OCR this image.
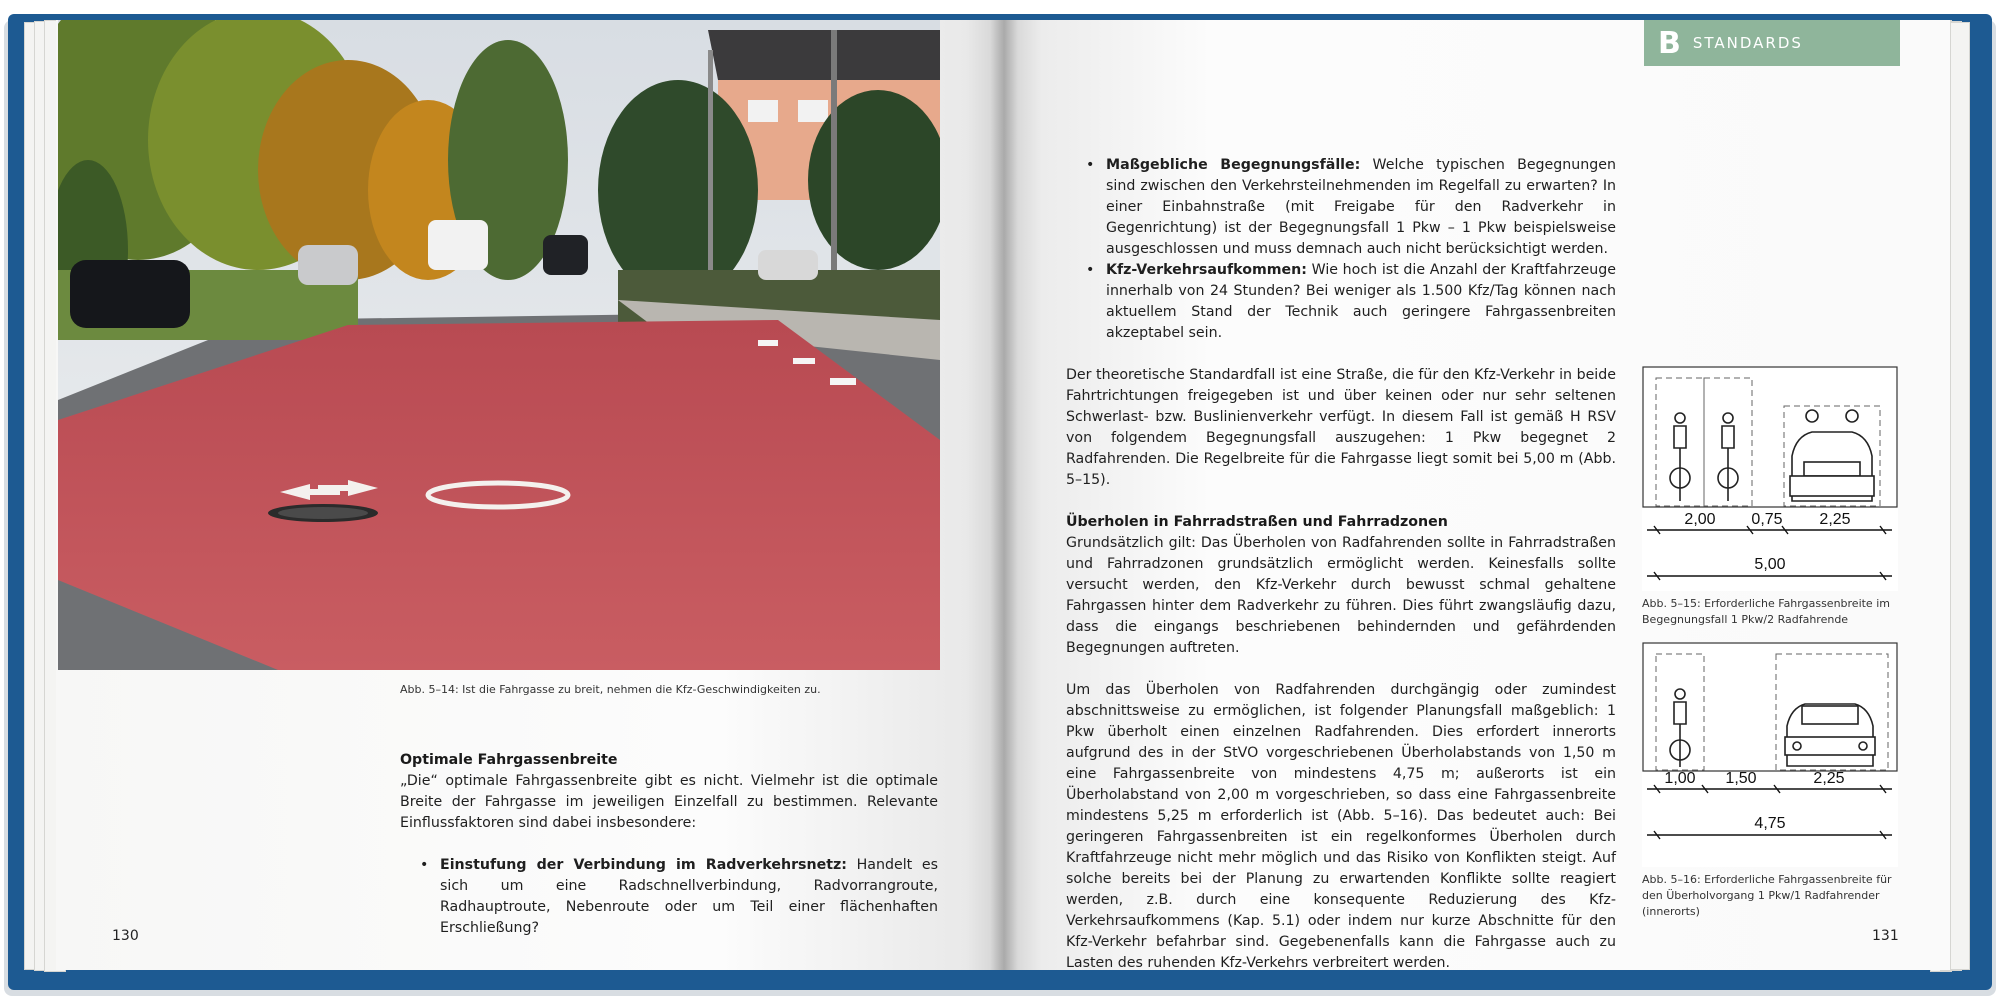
Abb. 5–14: Ist die Fahrgasse zu breit, nehmen die Kfz-Geschwindigkeiten zu.
Optimale Fahrgassenbreite
„Die“ optimale Fahrgassenbreite gibt es nicht. Vielmehr ist die optimale Breite der Fahrgasse im jeweiligen Einzelfall zu bestimmen. Relevante Einflussfaktoren sind dabei insbesondere:
• Einstufung der Verbindung im Radverkehrsnetz: Handelt es sich um eine Radschnellverbindung, Radvorrangroute, Radhauptroute, Nebenroute oder um Teil einer flächenhaften Erschließung?
130
B STANDARDS
• Maßgebliche Begegnungsfälle: Welche typischen Begegnungen sind zwischen den Verkehrsteilnehmenden im Regelfall zu erwarten? In einer Einbahnstraße (mit Freigabe für den Radverkehr in Gegenrichtung) ist der Begegnungsfall 1 Pkw – 1 Pkw beispielsweise ausgeschlossen und muss demnach auch nicht berücksichtigt werden.
• Kfz-Verkehrsaufkommen: Wie hoch ist die Anzahl der Kraftfahrzeuge innerhalb von 24 Stunden? Bei weniger als 1.500 Kfz/Tag können nach aktuellem Stand der Technik auch geringere Fahrgassenbreiten akzeptabel sein.
Der theoretische Standardfall ist eine Straße, die für den Kfz-Verkehr in beide Fahrtrichtungen freigegeben ist und über keinen oder nur sehr seltenen Schwerlast- bzw. Buslinienverkehr verfügt. In diesem Fall ist gemäß H RSV von folgendem Begegnungsfall auszugehen: 1 Pkw begegnet 2 Radfahrenden. Die Regelbreite für die Fahrgasse liegt somit bei 5,00 m (Abb. 5–15).
Überholen in Fahrradstraßen und Fahrradzonen
Grundsätzlich gilt: Das Überholen von Radfahrenden sollte in Fahrradstraßen und Fahrradzonen grundsätzlich ermöglicht werden. Keinesfalls sollte versucht werden, den Kfz-Verkehr durch bewusst schmal gehaltene Fahrgassen hinter dem Radverkehr zu führen. Dies führt zwangsläufig dazu, dass die eingangs beschriebenen behindernden und gefährdenden Begegnungen auftreten.
Um das Überholen von Radfahrenden durchgängig oder zumindest abschnittsweise zu ermöglichen, ist folgender Planungsfall maßgeblich: 1 Pkw überholt einen einzelnen Radfahrenden. Dies erfordert innerorts aufgrund des in der StVO vorgeschriebenen Überholabstands von 1,50 m eine Fahrgassenbreite von mindestens 4,75 m; außerorts ist ein Überholabstand von 2,00 m vorgeschrieben, so dass eine Fahrgassenbreite mindestens 5,25 m erforderlich ist (Abb. 5–16). Das bedeutet auch: Bei geringeren Fahrgassenbreiten ist ein regelkonformes Überholen durch Kraftfahrzeuge nicht mehr möglich und das Risiko von Konflikten steigt. Auf solche bereits bei der Planung zu erwartenden Konflikte sollte reagiert werden, z.B. durch eine konsequente Reduzierung des Kfz-Verkehrsaufkommens (Kap. 5.1) oder indem nur kurze Abschnitte für den Kfz-Verkehr befahrbar sind. Gegebenenfalls kann die Fahrgasse auch zu Lasten des ruhenden Kfz-Verkehrs verbreitert werden.
2,00 0,75 2,25
5,00
Abb. 5–15: Erforderliche Fahrgassenbreite im Begegnungsfall 1 Pkw/2 Radfahrende
1,00 1,50	2,25
4,75
Abb. 5–16: Erforderliche Fahrgassenbreite für den Überholvorgang 1 Pkw/1 Radfahrender (innerorts)
131
